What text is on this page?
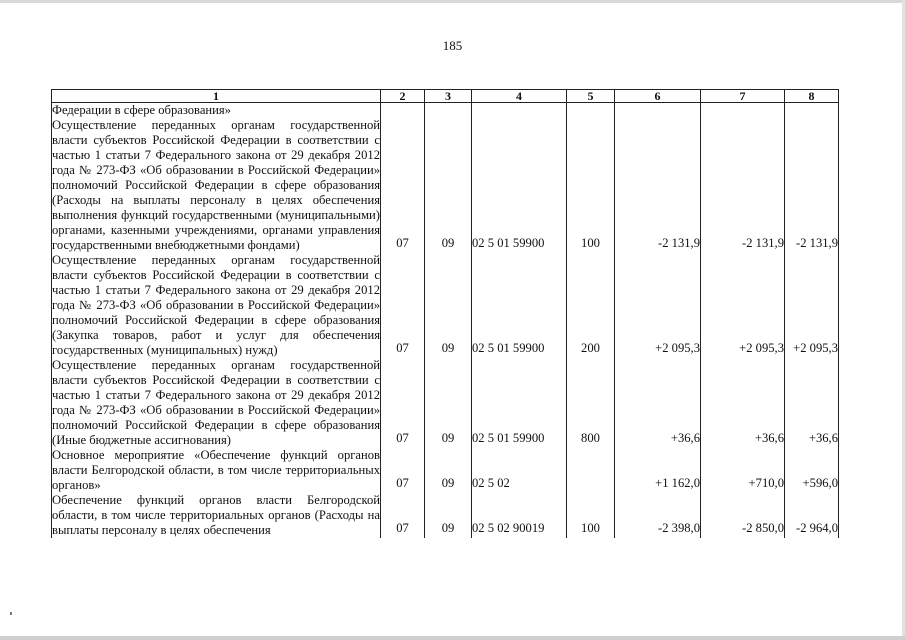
185
1	2	3	4	5	6	7	8
Федерации в сфере образования»							
Осуществление переданных органам государственной власти субъектов Российской Федерации в соответствии с частью 1 статьи 7 Федерального закона от 29 декабря 2012 года № 273-ФЗ «Об образовании в Российской Федерации» полномочий Российской Федерации в сфере образования (Расходы на выплаты персоналу в целях обеспечения выполнения функций государственными (муниципальными) органами, казенными учреждениями, органами управления государственными внебюджетными фондами)	07	09	02 5 01 59900	100	-2 131,9	-2 131,9	-2 131,9
Осуществление переданных органам государственной власти субъектов Российской Федерации в соответствии с частью 1 статьи 7 Федерального закона от 29 декабря 2012 года № 273-ФЗ «Об образовании в Российской Федерации» полномочий Российской Федерации в сфере образования (Закупка товаров, работ и услуг для обеспечения государственных (муниципальных) нужд)	07	09	02 5 01 59900	200	+2 095,3	+2 095,3	+2 095,3
Осуществление переданных органам государственной власти субъектов Российской Федерации в соответствии с частью 1 статьи 7 Федерального закона от 29 декабря 2012 года № 273-ФЗ «Об образовании в Российской Федерации» полномочий Российской Федерации в сфере образования (Иные бюджетные ассигнования)	07	09	02 5 01 59900	800	+36,6	+36,6	+36,6
Основное мероприятие «Обеспечение функций органов власти Белгородской области, в том числе территориальных органов»	07	09	02 5 02		+1 162,0	+710,0	+596,0
Обеспечение функций органов власти Белгородской области, в том числе территориальных органов (Расходы на выплаты персоналу в целях обеспечения	07	09	02 5 02 90019	100	-2 398,0	-2 850,0	-2 964,0
